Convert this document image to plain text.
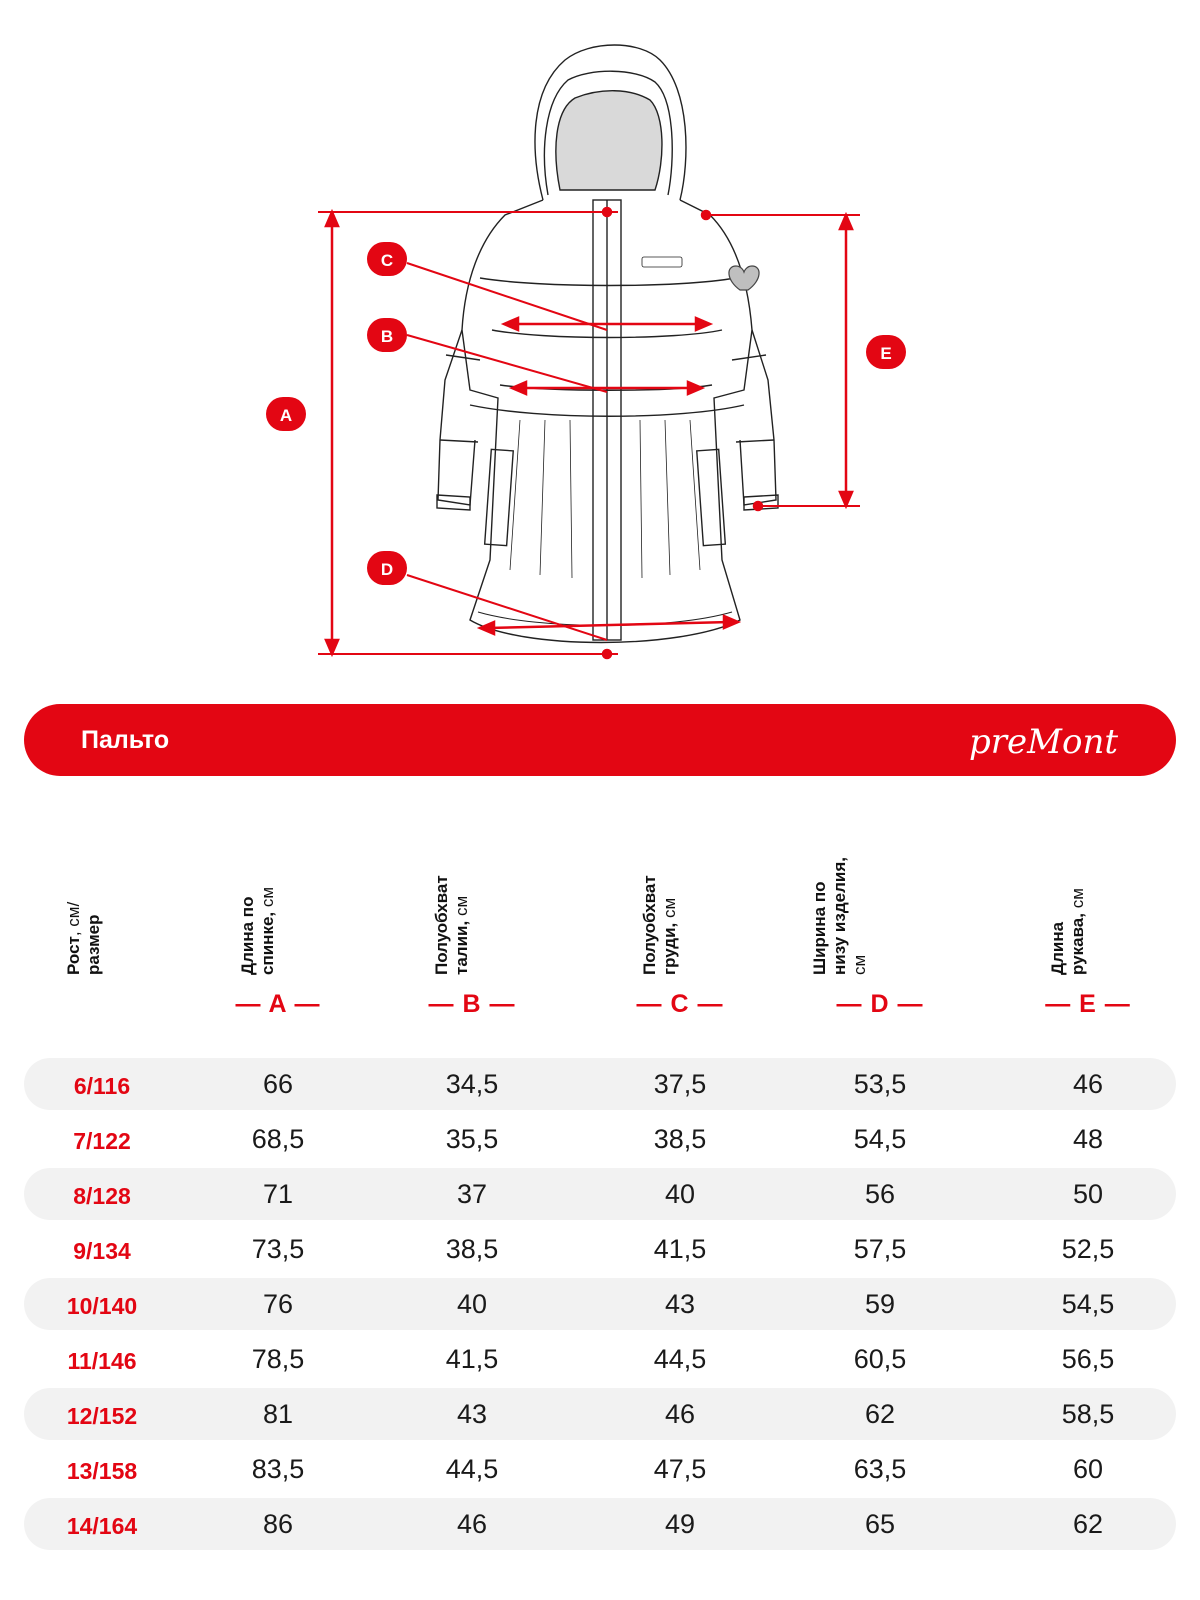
C
B
A
E
D
Пальто	preMont
Рост, см/ размер	Длина по спинке, см	Полуобхват талии, см	Полуобхват груди, см	Ширина по низу изделия, см	Длина рукава, см
— A —	— B —	— C —	— D —	— E —
6/116	66	34,5	37,5	53,5	46
7/122	68,5	35,5	38,5	54,5	48
8/128	71	37	40	56	50
9/134	73,5	38,5	41,5	57,5	52,5
10/140	76	40	43	59	54,5
11/146	78,5	41,5	44,5	60,5	56,5
12/152	81	43	46	62	58,5
13/158	83,5	44,5	47,5	63,5	60
14/164	86	46	49	65	62
